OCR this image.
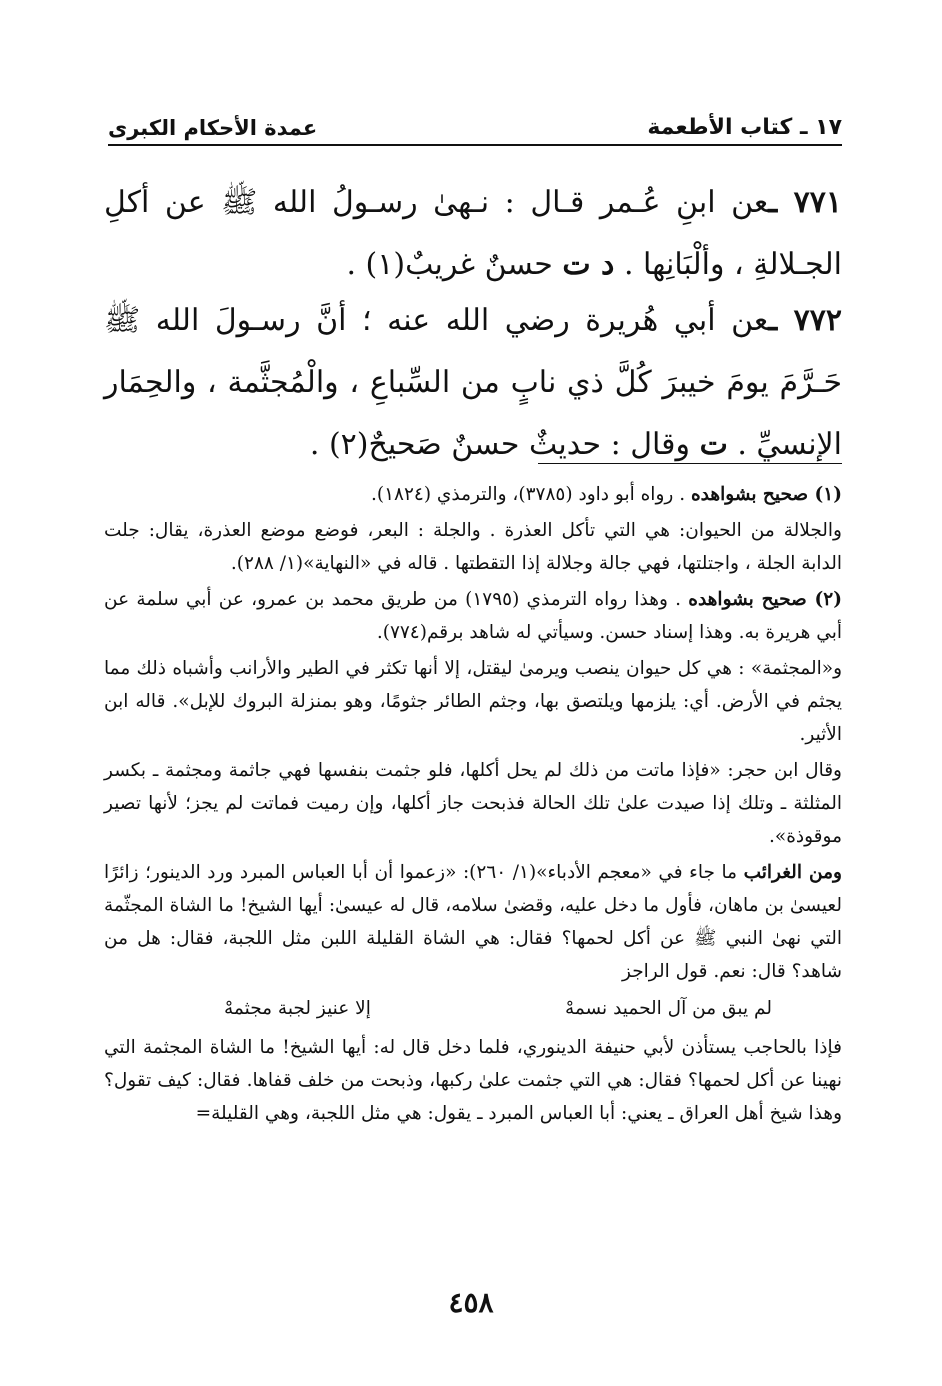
١٧ ـ كتاب الأطعمة
عمدة الأحكام الكبرى
٧٧١ ـعن ابنِ عُـمر قـال : نـهىٰ رسـولُ الله ﷺ عن أكلِ الجـلالةِ ، وألْبَانِها . د ت حسنٌ غريبٌ(١) .
٧٧٢ ـعن أبي هُريرة رضي الله عنه ؛ أنَّ رسـولَ الله ﷺ حَـرَّمَ يومَ خيبرَ كُلَّ ذي نابٍ من السِّباعِ ، والْمُجثَّمة ، والحِمَار الإنسيِّ . ت وقال : حديثٌ حسنٌ صَحيحٌ(٢) .

(١) صحيح بشواهده . رواه أبو داود (٣٧٨٥)، والترمذي (١٨٢٤).

والجلالة من الحيوان: هي التي تأكل العذرة . والجلة : البعر، فوضع موضع العذرة، يقال: جلت الدابة الجلة ، واجتلتها، فهي جالة وجلالة إذا التقطتها . قاله في «النهاية»(١/ ٢٨٨).

(٢) صحيح بشواهده . وهذا رواه الترمذي (١٧٩٥) من طريق محمد بن عمرو، عن أبي سلمة عن أبي هريرة به. وهذا إسناد حسن. وسيأتي له شاهد برقم(٧٧٤).

و«المجثمة» : هي كل حيوان ينصب ويرمىٰ ليقتل، إلا أنها تكثر في الطير والأرانب وأشباه ذلك مما يجثم في الأرض. أي: يلزمها ويلتصق بها، وجثم الطائر جثومًا، وهو بمنزلة البروك للإبل». قاله ابن الأثير.

وقال ابن حجر: «فإذا ماتت من ذلك لم يحل أكلها، فلو جثمت بنفسها فهي جاثمة ومجثمة ـ بكسر المثلثة ـ وتلك إذا صيدت علىٰ تلك الحالة فذبحت جاز أكلها، وإن رميت فماتت لم يجز؛ لأنها تصير موقوذة».

ومن الغرائب ما جاء في «معجم الأدباء»(١/ ٢٦٠): «زعموا أن أبا العباس المبرد ورد الدينور؛ زائرًا لعيسىٰ بن ماهان، فأول ما دخل عليه، وقضىٰ سلامه، قال له عيسىٰ: أيها الشيخ! ما الشاة المجثّمة التي نهىٰ النبي ﷺ عن أكل لحمها؟ فقال: هي الشاة القليلة اللبن مثل اللجبة، فقال: هل من شاهد؟ قال: نعم. قول الراجز

لم يبق من آل الحميد نسمهْ
إلا عنيز لجبة مجثمهْ

فإذا بالحاجب يستأذن لأبي حنيفة الدينوري، فلما دخل قال له: أيها الشيخ! ما الشاة المجثمة التي نهينا عن أكل لحمها؟ فقال: هي التي جثمت علىٰ ركبها، وذبحت من خلف قفاها. فقال: كيف تقول؟ وهذا شيخ أهل العراق ـ يعني: أبا العباس المبرد ـ يقول: هي مثل اللجبة، وهي القليلة=

٤٥٨
